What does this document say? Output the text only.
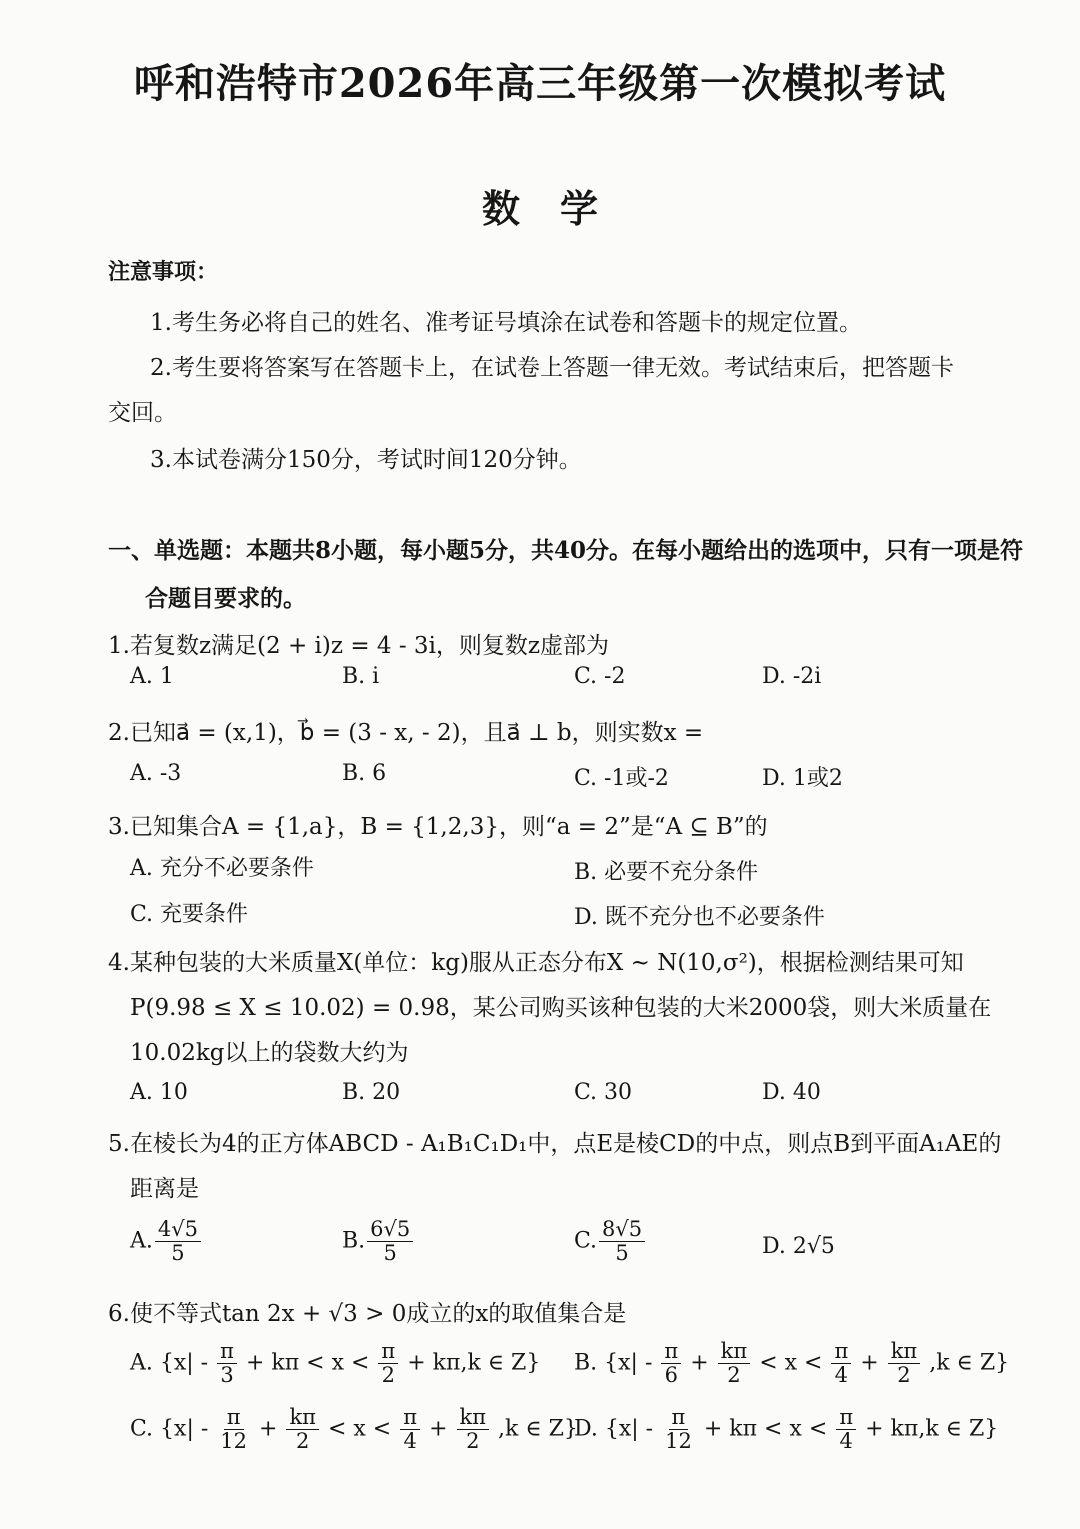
呼和浩特市2026年高三年级第一次模拟考试
数学
注意事项：
1.考生务必将自己的姓名、准考证号填涂在试卷和答题卡的规定位置。
2.考生要将答案写在答题卡上，在试卷上答题一律无效。考试结束后，把答题卡
交回。
3.本试卷满分150分，考试时间120分钟。
一、单选题：本题共8小题，每小题5分，共40分。在每小题给出的选项中，只有一项是符
合题目要求的。
1.若复数z满足(2 + i)z = 4 - 3i，则复数z虚部为
A. 1	B. i	C. -2	D. -2i
2.已知a⃗ = (x,1)，b⃗ = (3 - x, - 2)，且a⃗ ⊥ b，则实数x =
A. -3	B. 6	C. -1或-2	D. 1或2
3.已知集合A = {1,a}，B = {1,2,3}，则“a = 2”是“A ⊆ B”的
A. 充分不必要条件	B. 必要不充分条件
C. 充要条件	D. 既不充分也不必要条件
4.某种包装的大米质量X(单位：kg)服从正态分布X ~ N(10,σ²)，根据检测结果可知
P(9.98 ≤ X ≤ 10.02) = 0.98，某公司购买该种包装的大米2000袋，则大米质量在
10.02kg以上的袋数大约为
A. 10	B. 20	C. 30	D. 40
5.在棱长为4的正方体ABCD - A₁B₁C₁D₁中，点E是棱CD的中点，则点B到平面A₁AE的
距离是
A. $\frac{4√5}{5}$	B. $\frac{6√5}{5}$	C. $\frac{8√5}{5}$	D. 2√5
6.使不等式tan 2x + √3 > 0成立的x的取值集合是
A. {$x| - \frac{\pi}{3} + k\pi < x < \frac{\pi}{2} + k\pi,k$ ∈ Z} B. {$x| - \frac{\pi}{6} + \frac{k\pi}{2} < x < \frac{\pi}{4} + \frac{k\pi}{2} ,k$ ∈ Z}
C. {$x| - \frac{\pi}{12} + \frac{k\pi}{2} < x < \frac{\pi}{4} + \frac{k\pi}{2} ,k$ ∈ Z}
D. {$x| - \frac{\pi}{12} + k\pi < x < \frac{\pi}{4} + k\pi,k$ ∈ Z}
